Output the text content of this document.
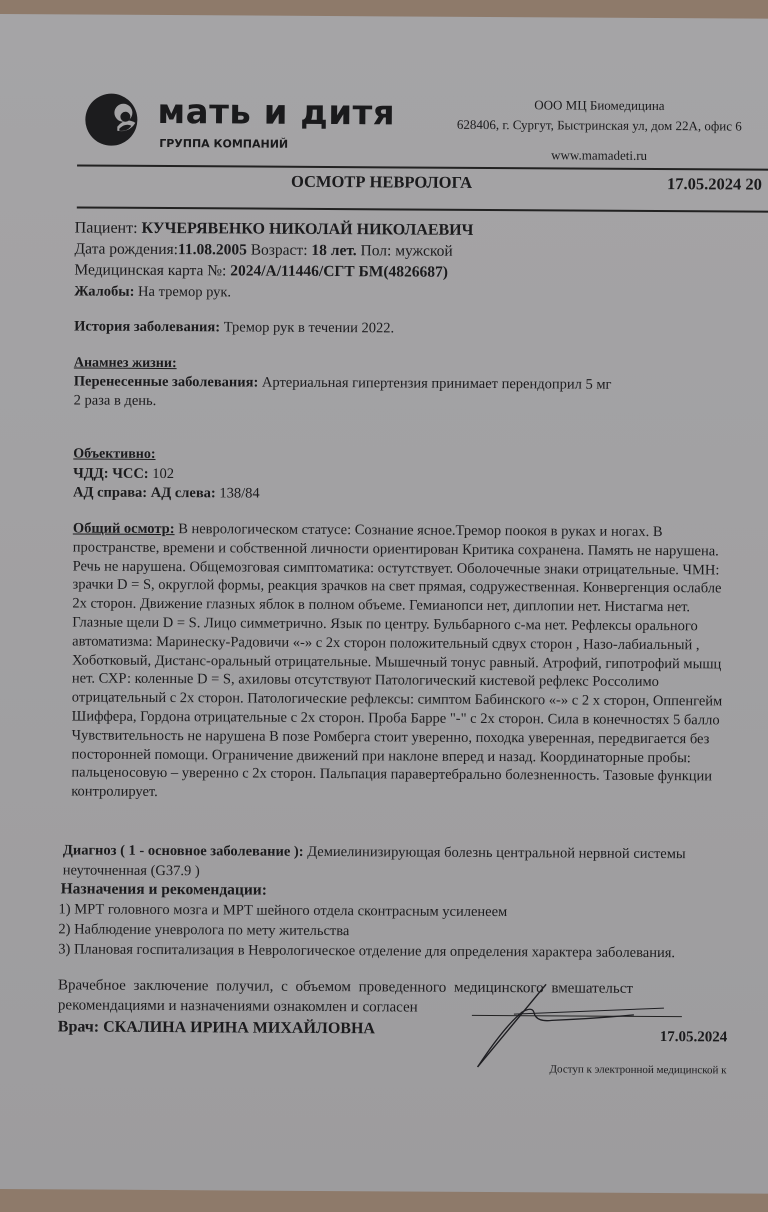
мать и дитя
ГРУППА КОМПАНИЙ
ООО МЦ Биомедицина
628406, г. Сургут, Быстринская ул, дом 22А, офис 6
www.mamadeti.ru
ОСМОТР НЕВРОЛОГА	17.05.2024 20
Пациент: КУЧЕРЯВЕНКО НИКОЛАЙ НИКОЛАЕВИЧ
Дата рождения:11.08.2005 Возраст: 18 лет. Пол: мужской
Медицинская карта №: 2024/А/11446/СГТ БМ(4826687)
Жалобы: На тремор рук.
История заболевания: Тремор рук в течении 2022.
Анамнез жизни:
Перенесенные заболевания: Артериальная гипертензия принимает перендоприл 5 мг
2 раза в день.
Объективно:
ЧДД: ЧСС: 102
АД справа: АД слева: 138/84
Общий осмотр: В неврологическом статусе: Сознание ясное.Тремор поокоя в руках и ногах. В
пространстве, времени и собственной личности ориентирован Критика сохранена. Память не нарушена.
Речь не нарушена. Общемозговая симптоматика: остутствует. Оболочечные знаки отрицательные. ЧМН:
зрачки D = S, округлой формы, реакция зрачков на свет прямая, содружественная. Конвергенция ослабле
2х сторон. Движение глазных яблок в полном объеме. Гемианопси нет, диплопии нет. Нистагма нет.
Глазные щели D = S. Лицо симметрично. Язык по центру. Бульбарного с-ма нет. Рефлексы орального
автоматизма: Маринеску-Радовичи «-» с 2х сторон положительный сдвух сторон , Назо-лабиальный ,
Хоботковый, Дистанс-оральный отрицательные. Мышечный тонус равный. Атрофий, гипотрофий мышц
нет. СХР: коленные D = S, ахиловы отсутствуют Патологический кистевой рефлекс Россолимо
отрицательный с 2х сторон. Патологические рефлексы: симптом Бабинского «-» с 2 х сторон, Оппенгейм
Шиффера, Гордона отрицательные с 2х сторон. Проба Барре "-" с 2х сторон. Сила в конечностях 5 балло
Чувствительность не нарушена В позе Ромберга стоит уверенно, походка уверенная, передвигается без
посторонней помощи. Ограничение движений при наклоне вперед и назад. Координаторные пробы:
пальценосовую – уверенно с 2х сторон. Пальпация паравертебрально болезненность. Тазовые функции
контролирует.
Диагноз ( 1 - основное заболевание ): Демиелинизирующая болезнь центральной нервной системы
неуточненная (G37.9 )
Назначения и рекомендации:
1) МРТ головного мозга и МРТ шейного отдела сконтрасным усиленеем
2) Наблюдение уневролога по мету жительства
3) Плановая госпитализация в Неврологическое отделение для определения характера заболевания.
Врачебное заключение получил, с объемом проведенного медицинского вмешательст
рекомендациями и назначениями ознакомлен и согласен
Врач: СКАЛИНА ИРИНА МИХАЙЛОВНА	17.05.2024
Доступ к электронной медицинской к
